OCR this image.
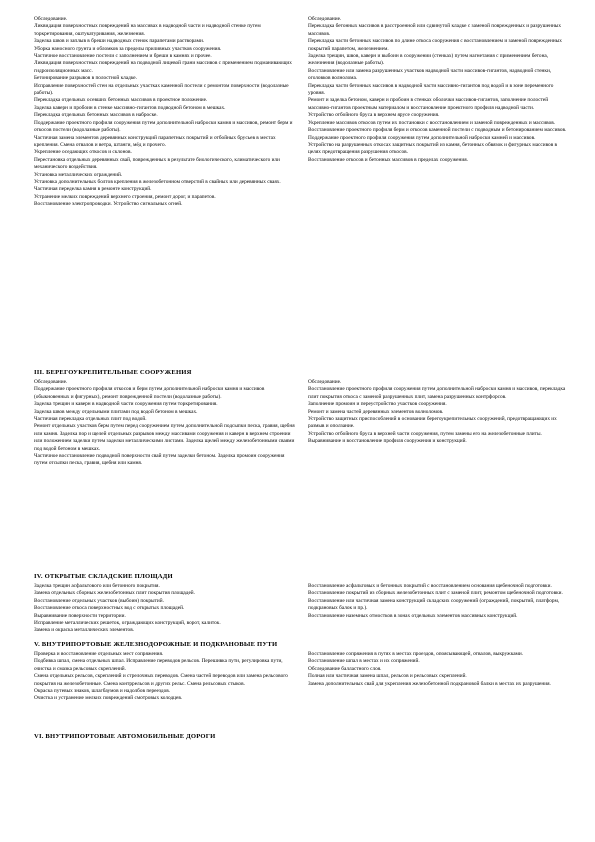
Обследование.

Ликвидация поверхностных повреждений на массивах в надводной части и надводной стенке путем торкретирования, оштукатуривания, железнения.

Заделка швов и заплыв в бреши надводных стенок парапетами растворами.

Уборка наносного грунта и обломков за пределы приливных участков сооружения.

Частичное восстановление постели с заполнением и бреши в камнях и прочее.

Ликвидация поверхностных повреждений на подводной лицевой грани массивов с применением подманивающих гидроизоляционных масс.

Бетонирование разрывов в полостной кладке.

Исправление поверхностей стен на отдельных участках каменной постели с ремонтом поверхности (водолазные работы).

Перекладка отдельных осевших бетонных массивов в проектное положение.

Заделка каверн и пробоин в стенке массивно-гигантов подводной бетоном в мешках.

Перекладка отдельных бетонных массивов в наброске.

Поддержание проектного профиля сооружения путем дополнительной наброски камня и массивов, ремонт берм и откосов постели (водолазные работы).

Частичная замена элементов деревянных конструкций парапетных покрытий и отбойных брусьев в местах крепления. Смена отвалов и ветра, штанги, мёд и прочего.

Укрепление оседающих откосов и склонов.

Перестановка отдельных деревянных свай, поврежденных в результате биологического, климатического или механического воздействия.

Установка металлических ограждений.

Установка дополнительных болтов крепления в железобетонном отверстий в свайных или деревянных сваях. Частичная переделка камня в ремонте конструкций.

Устранение мелких повреждений верхнего строения, ремонт дорог, и парапетов.

Восстановление электропроводки. Устройство сигнальных огней.

Обследование.

Перекладка бетонных массивов в расстроенной или сдвинутой кладке с заменой поврежденных и разрушенных массивов.

Перекладка части бетонных массивов по длине откоса сооружения с восстановлением и заменой поврежденных покрытий парапетом, железнением.

Заделка трещин, швов, каверн и выбоин в сооружении (стенках) путем нагнетания с применением бетона, железнения (водолазные работы).

Восстановление или замена разрушенных участков надводной части массивов-гигантов, надводной стенки, оголовков волнолома.

Перекладка части бетонных массивов в надводной части массивно-гигантов под водой и в зоне переменного уровня.

Ремонт и заделка бетоном, каверн и пробоин в стенках оболочки массивов-гигантов, заполнение полостей массивно-гигантов проектным материалом и восстановление проектного профиля надводной части.

Устройство отбойного бруса в верхнем ярусе сооружения.

Укрепление массивов откосов путем их постановки с восстановлением и заменой поврежденных и массивов.

Восстановление проектного профиля берм и откосов каменной постели с подводным и бетонированием массивов.

Поддержание проектного профиля сооружения путем дополнительной наброски камней и массивов.

Устройство на разрушенных откосах защитных покрытий из камня, бетонных обвязок и фигурных массивов в целях предотвращения разрушения откосов.

Восстановление откосов и бетонных массивов в пределах сооружения.

III. БЕРЕГОУКРЕПИТЕЛЬНЫЕ СООРУЖЕНИЯ

Обследование.

Поддержание проектного профиля откосов и берм путем дополнительной наброски камня и массивов (обыкновенных и фигурных), ремонт поврежденной постели (водолазные работы).

Заделка трещин и каверн в надводной части сооружения путем торкретирования.

Заделка швов между отдельными плитами под водой бетоном в мешках.

Частичная перекладка отдельных плит под водой.

Ремонт отдельных участков берм путем перед сооружением путем дополнительной подсыпки песка, гравия, щебня или камня. Заделка пор и щелей отдельных разрывов между массивами сооружения и каверн в верхнем строении или положением заделки путем заделки металлическими листами. Заделка щелей между железобетонными сваями под водой бетоном в мешках.

Частичное восстановление подводной поверхности свай путем заделки бетоном. Заделка промоин сооружения путем отсыпки песка, гравия, щебня или камня.

Обследование.

Восстановление проектного профиля сооружения путем дополнительной наброски камня и массивов, перекладка плит покрытия откоса с заменой разрушенных плит, замена разрушенных контрфорсов.

Заполнение промоин и переустройство участков сооружения.

Ремонт и замена частей деревянных элементов волноломов.

Устройство защитных приспособлений в основании берегоукрепительных сооружений, предотвращающих их размыв и оползание.

Устройство отбойного бруса в верхней части сооружения, путем замены его на железобетонные плиты.

Выравнивание и восстановление профиля сооружения и конструкций.

IV. ОТКРЫТЫЕ СКЛАДСКИЕ ПЛОЩАДИ

Заделка трещин асфальтового или бетонного покрытия.

Замена отдельных сборных железобетонных плит покрытия площадей.

Восстановление отдельных участков (выбоин) покрытий.

Восстановление откоса поверхностных вод с открытых площадей.

Выравнивание поверхности территории.

Исправление металлических решеток, ограждающих конструкций, ворот, калиток.

Замена и окраска металлических элементов.

Восстановление асфальтовых и бетонных покрытий с восстановлением основания щебеночной подготовки.

Восстановление покрытий из сборных железобетонных плит с заменой плит, ремонтом щебеночной подготовки.

Восстановление или частичная замена конструкций складских сооружений (ограждений, покрытий, платформ, подкрановых балок и пр.).

Восстановление наземных отмостков в зонах отдельных элементов массивных конструкций.

V. ВНУТРИПОРТОВЫЕ ЖЕЛЕЗНОДОРОЖНЫЕ И ПОДКРАНОВЫЕ ПУТИ

Проверка и восстановление отдельных мест сопряжения.

Подбивка шпал, смена отдельных шпал. Исправление переводов рельсов. Перешивка пути, регулировка пути, очистка и смазка рельсовых скреплений.

Смена отдельных рельсов, скреплений и стрелочных переводов. Смена частей переводов или замена рельсового покрытия на железобетонные. Смена контррельсов и других рельс. Смена рельсовых стыков.

Окраска путевых знаков, шлагбаумов и надолбов переездов.

Очистка и устранение мелких повреждений смотровых колодцев.

Восстановление сопряжения в путях в местах проездов, опоясывающей, отвалов, выкружками.

Восстановление шпал в местах и их сопряжений.

Обследование балластного слоя.

Полная или частичная замена шпал, рельсов и рельсовых скреплений.

Замена дополнительных свай для укрепления железобетонной подкрановой балки в местах их разрушения.

VI. ВНУТРИПОРТОВЫЕ АВТОМОБИЛЬНЫЕ ДОРОГИ
